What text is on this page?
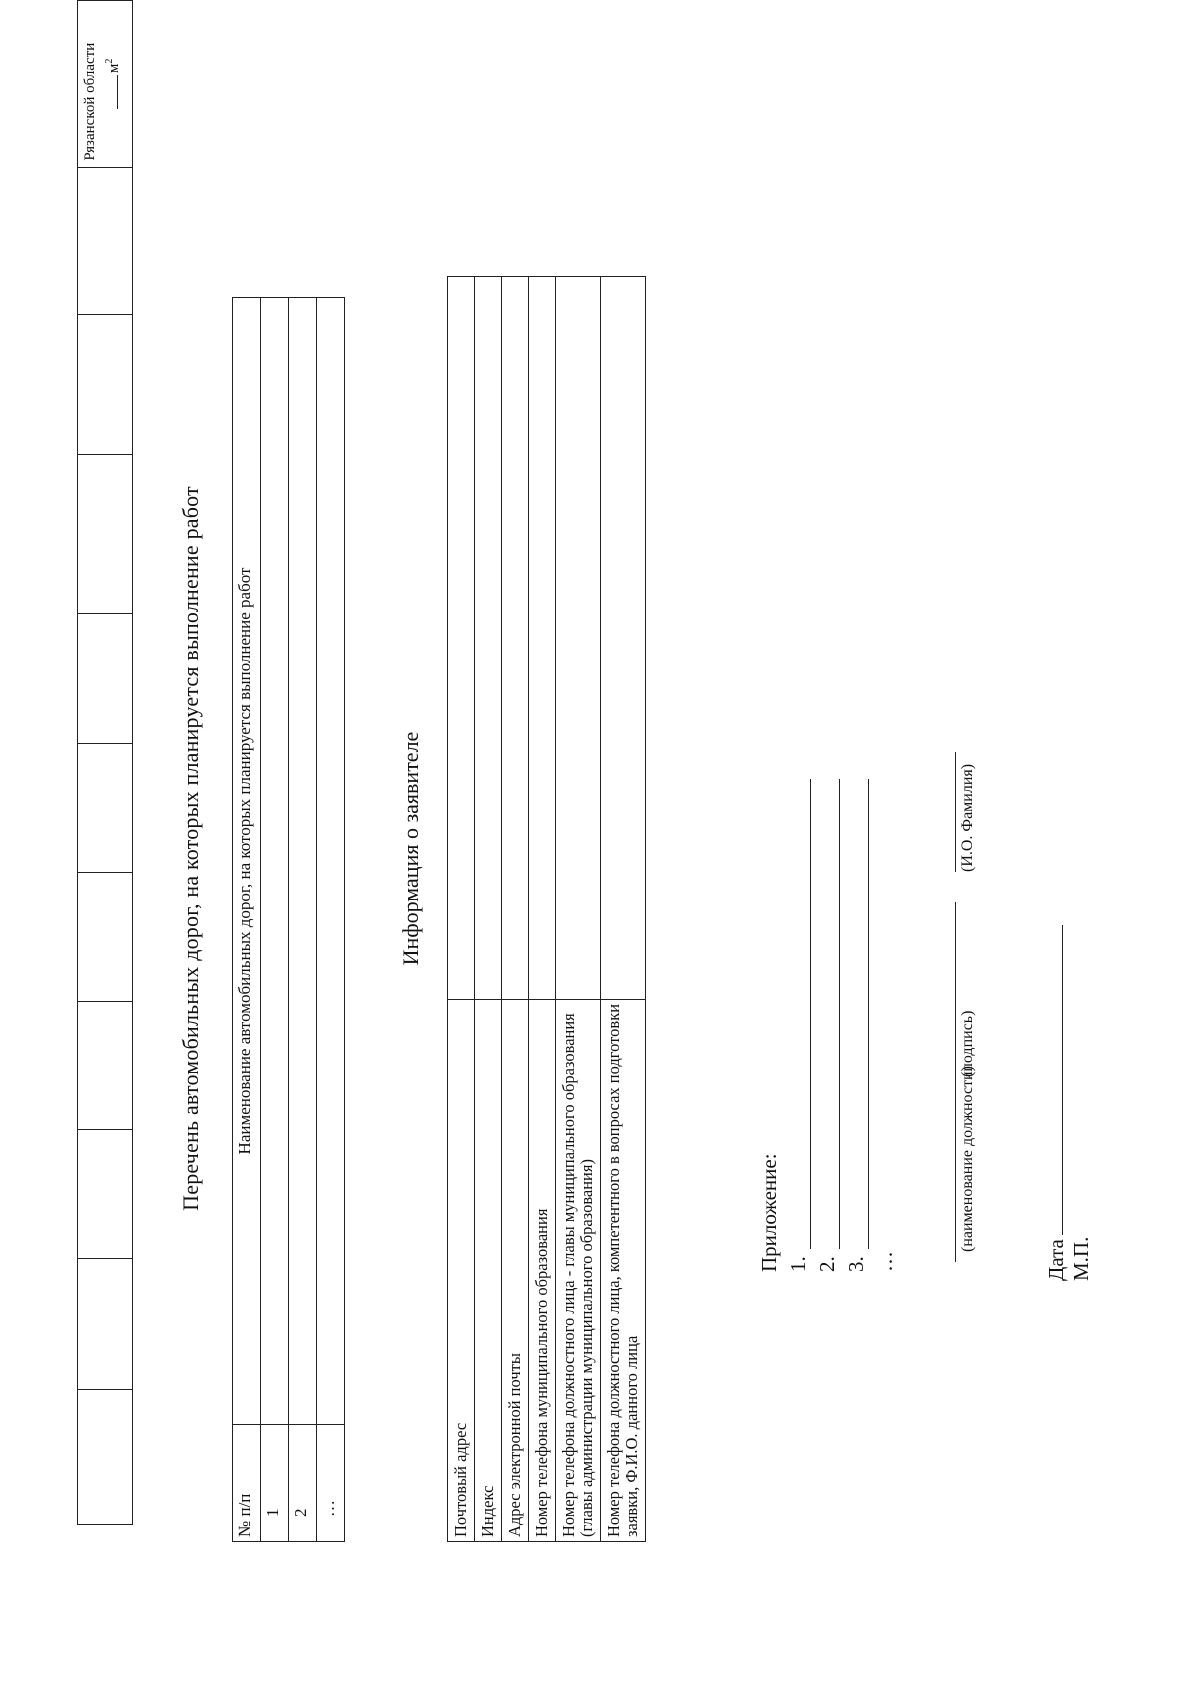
Рязанской области $м^2$
Перечень автомобильных дорог, на которых планируется выполнение работ
№ п/п	Наименование автомобильных дорог, на которых планируется выполнение работ
1	
2	
…	
Информация о заявителе
Почтовый адрес	
Индекс	
Адрес электронной почты	
Номер телефона муниципального образования	

Номер телефона должностного лица - главы муниципального образования (главы администрации муниципального образования)	

Номер телефона должностного лица, компетентного в вопросах подготовки заявки, Ф.И.О. данного лица	

Приложение: 1. 2. 3. …
(наименование должности)
(подпись)
(И.О. Фамилия)
Дата М.П.
